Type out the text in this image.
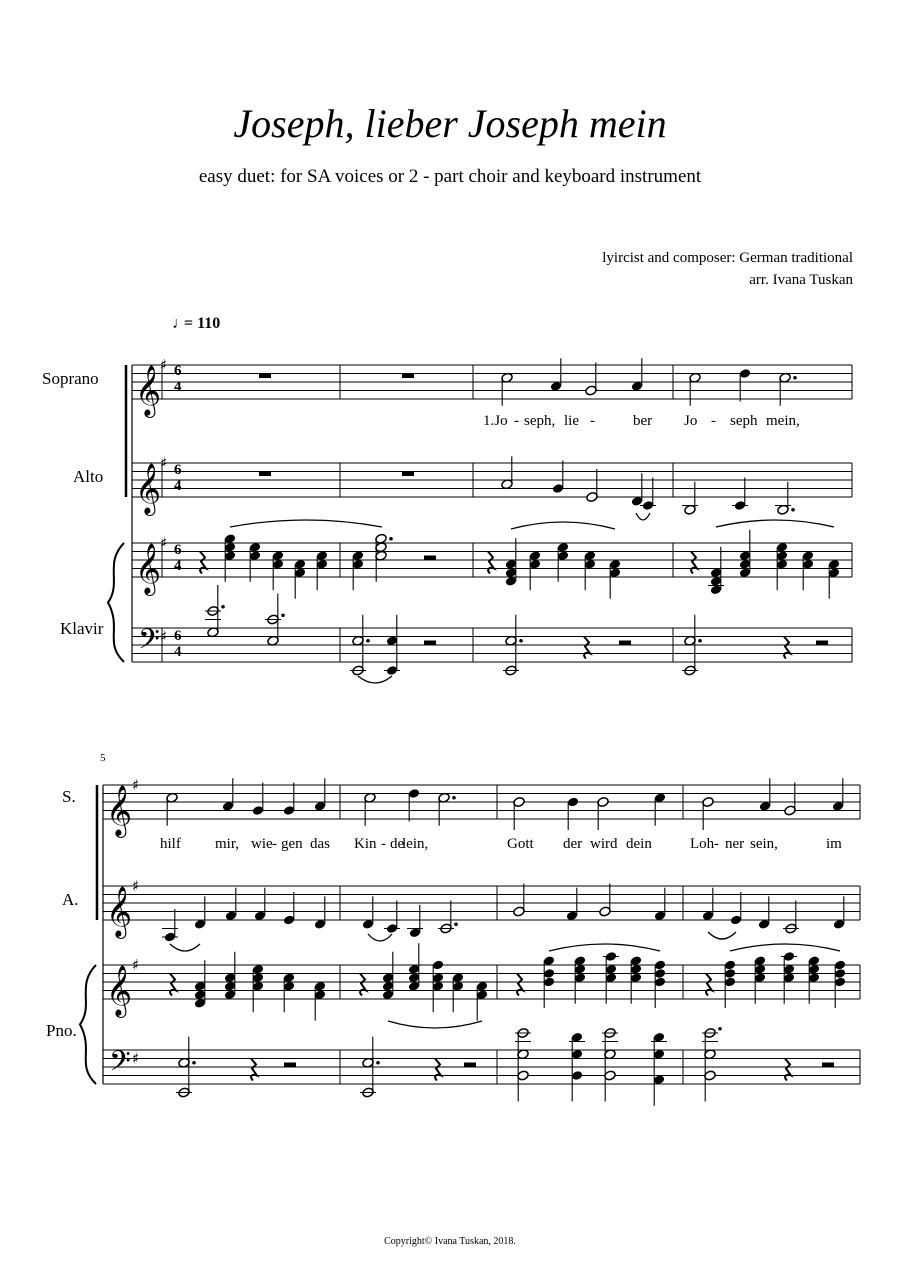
Joseph, lieber Joseph mein
easy duet: for SA voices or 2 - part choir and keyboard instrument
lyircist and composer: German traditional
arr. Ivana Tuskan
𝄞
𝄞
𝄞
𝄢
♯
♯
♯
♯
𝄞
𝄞
𝄞
𝄢
♯
♯
♯
♯
♩
= 110
Soprano
Alto
Klavir
5
S.
A.
Pno.
6
4
6
4
6
4
6
4
1.Jo - seph, lie -	ber Jo - seph mein,
hilf mir, wie - gen das Kin - de
lein,	Gott der wird dein	Loh - ner sein,	im
Copyright© Ivana Tuskan, 2018.
